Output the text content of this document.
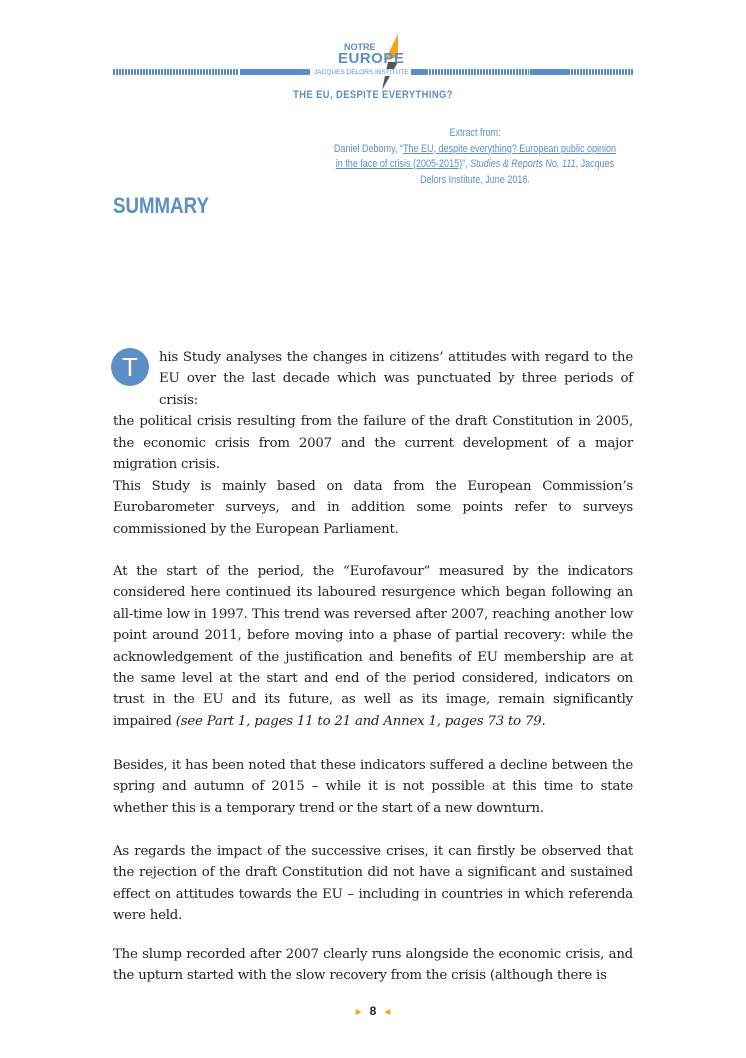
NOTRE
EUROPE
JACQUES DELORS INSTITUTE
THE EU, DESPITE EVERYTHING?
Extract from:
Daniel Debomy, “The EU, despite everything? European public opinion in the face of crisis (2005-2015)”, Studies & Reports No. 111, Jacques Delors Institute, June 2016.
SUMMARY
T	his Study analyses the changes in citizens’ attitudes with regard to the EU over the last decade which was punctuated by three periods of crisis:
the political crisis resulting from the failure of the draft Constitution in 2005, the economic crisis from 2007 and the current development of a major migration crisis.
This Study is mainly based on data from the European Commission’s Eurobarometer surveys, and in addition some points refer to surveys commissioned by the European Parliament.
At the start of the period, the “Eurofavour” measured by the indicators considered here continued its laboured resurgence which began following an all-time low in 1997. This trend was reversed after 2007, reaching another low point around 2011, before moving into a phase of partial recovery: while the acknowledgement of the justification and benefits of EU membership are at the same level at the start and end of the period considered, indicators on trust in the EU and its future, as well as its image, remain significantly impaired (see Part 1, pages 11 to 21 and Annex 1, pages 73 to 79.
Besides, it has been noted that these indicators suffered a decline between the spring and autumn of 2015 – while it is not possible at this time to state whether this is a temporary trend or the start of a new downturn.
As regards the impact of the successive crises, it can firstly be observed that the rejection of the draft Constitution did not have a significant and sustained effect on attitudes towards the EU – including in countries in which referenda were held.
The slump recorded after 2007 clearly runs alongside the economic crisis, and the upturn started with the slow recovery from the crisis (although there is
► 8 ◄
